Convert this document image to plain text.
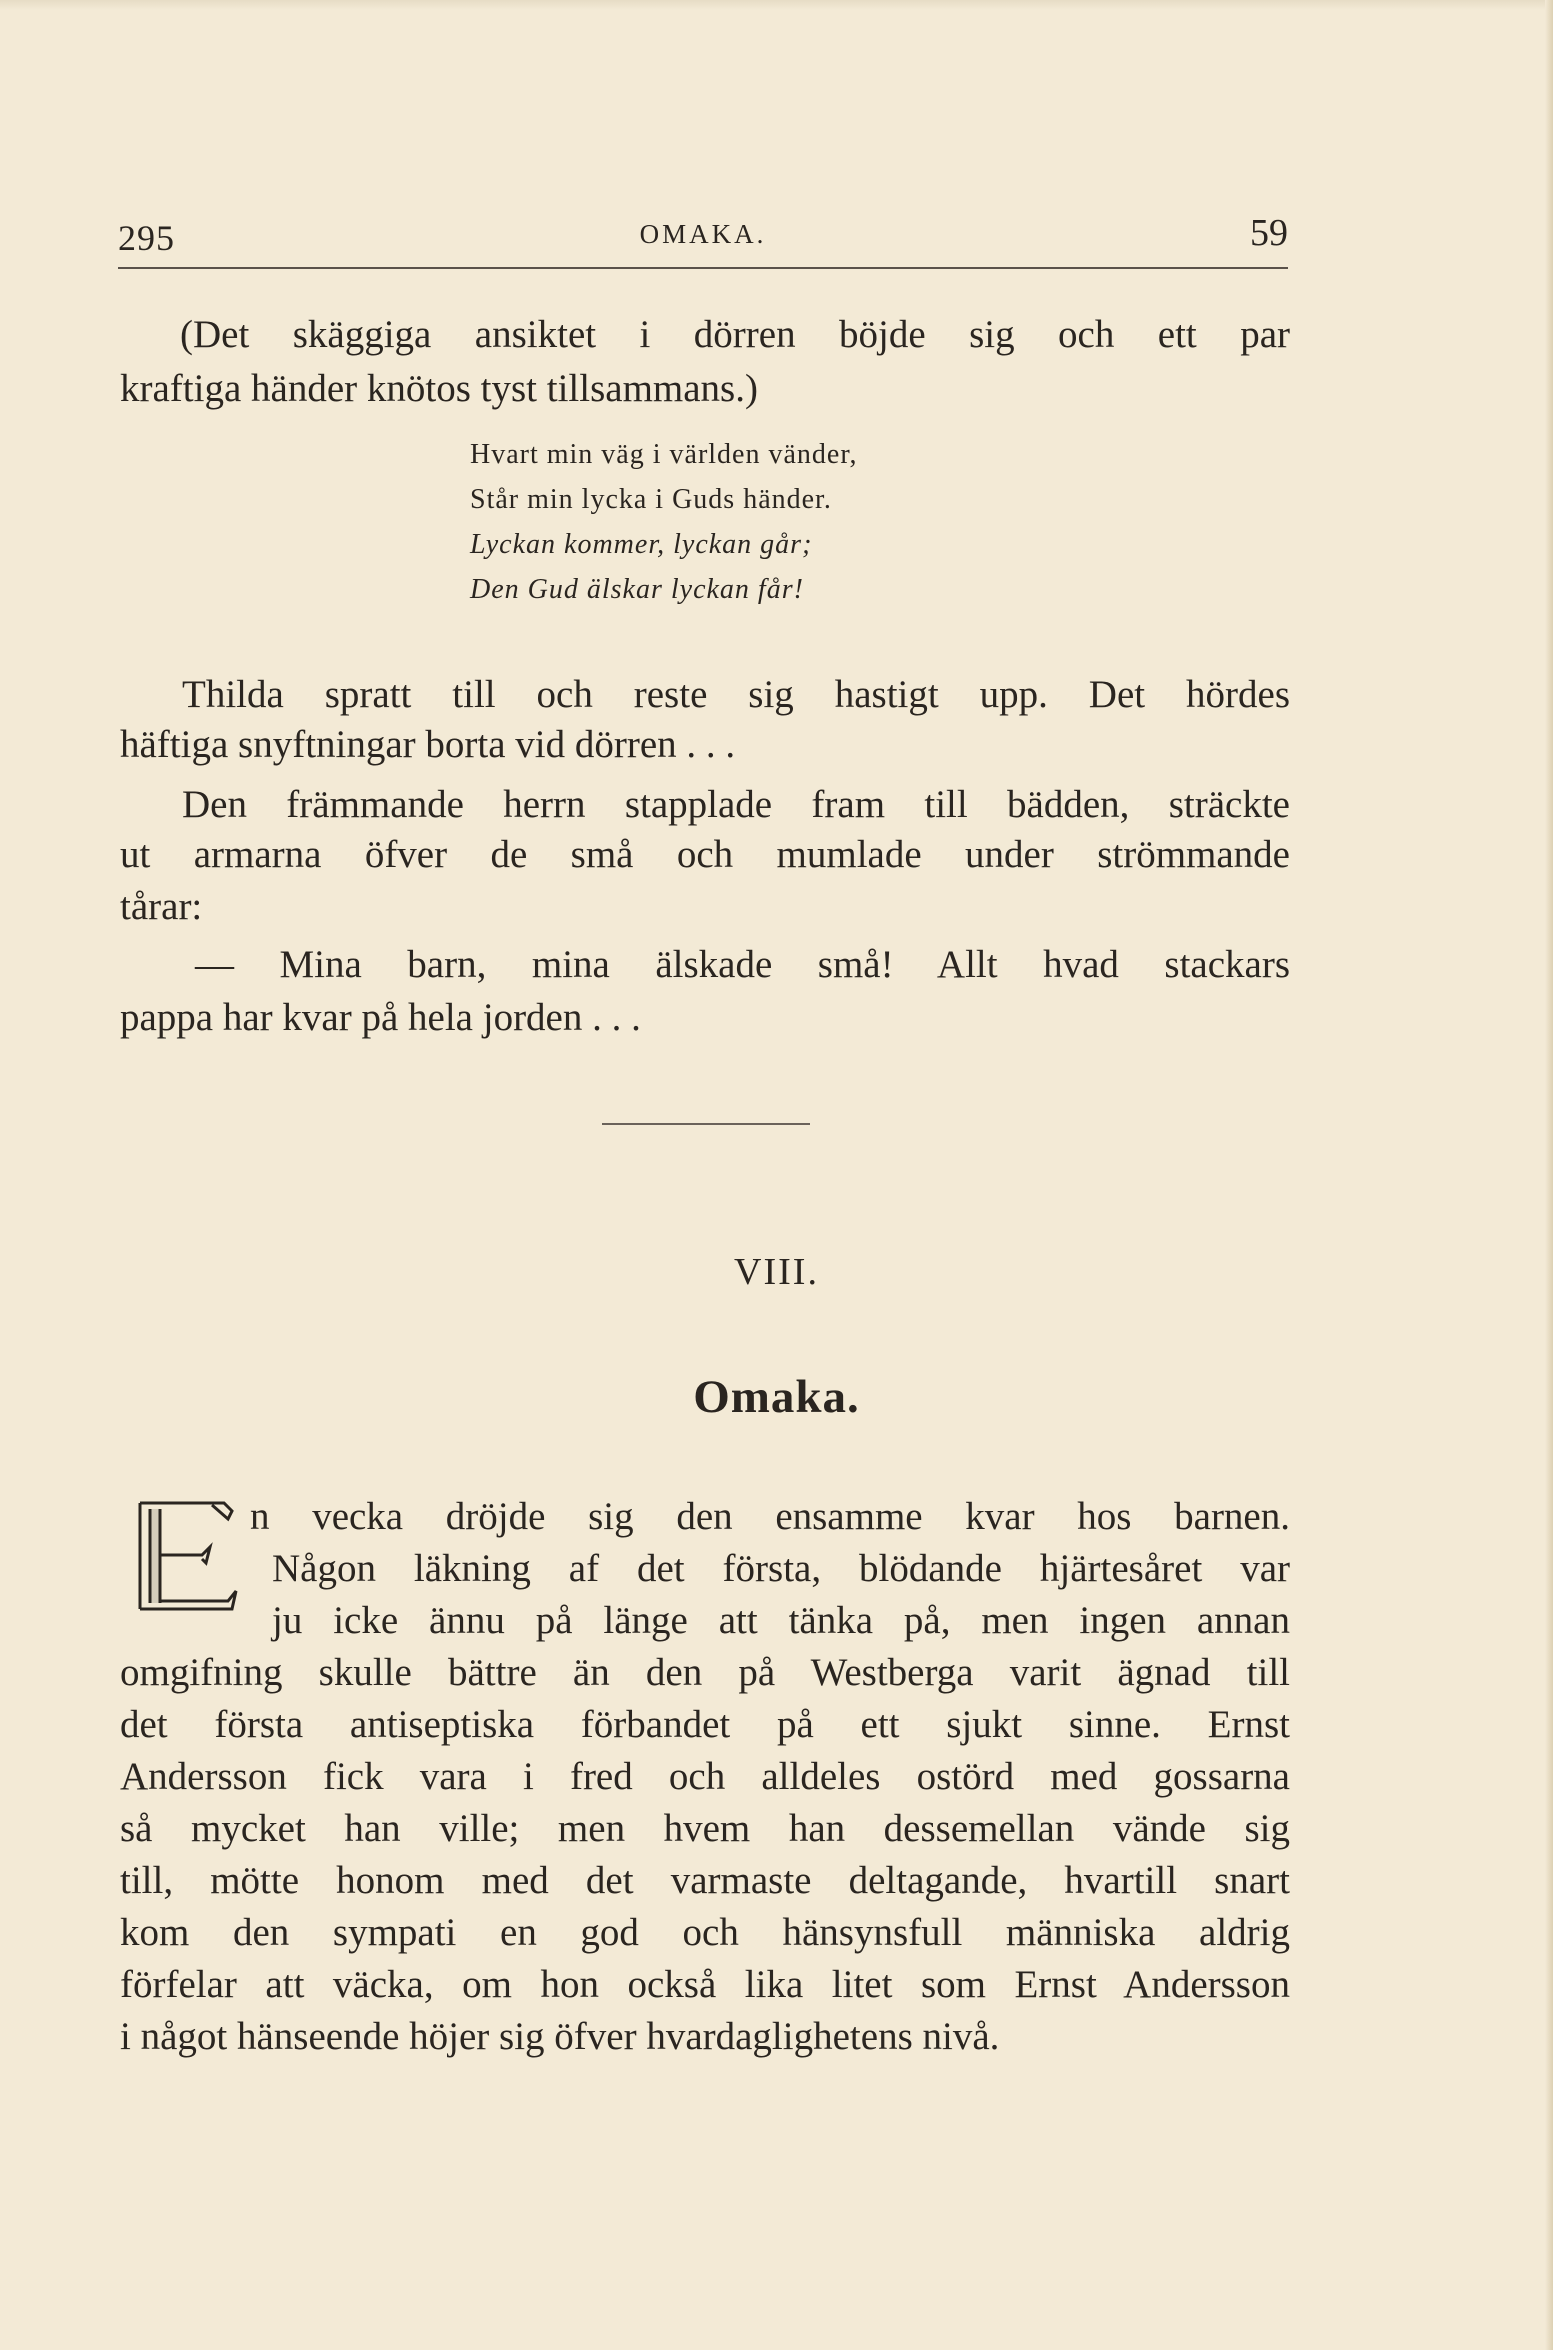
295	OMAKA.	59
(Det skäggiga ansiktet i dörren böjde sig och ett par
kraftiga händer knötos tyst tillsammans.)
Hvart min väg i världen vänder,
Står min lycka i Guds händer.
Lyckan kommer, lyckan går;
Den Gud älskar lyckan får!
Thilda spratt till och reste sig hastigt upp. Det hördes
häftiga snyftningar borta vid dörren . . .
Den främmande herrn stapplade fram till bädden, sträckte
ut armarna öfver de små och mumlade under strömmande
tårar:
— Mina barn, mina älskade små! Allt hvad stackars
pappa har kvar på hela jorden . . .
VIII.
Omaka.
E
n vecka dröjde sig den ensamme kvar hos barnen.
Någon läkning af det första, blödande hjärtesåret var
ju icke ännu på länge att tänka på, men ingen annan
omgifning skulle bättre än den på Westberga varit ägnad till
det första antiseptiska förbandet på ett sjukt sinne. Ernst
Andersson fick vara i fred och alldeles ostörd med gossarna
så mycket han ville; men hvem han dessemellan vände sig
till, mötte honom med det varmaste deltagande, hvartill snart
kom den sympati en god och hänsynsfull människa aldrig
förfelar att väcka, om hon också lika litet som Ernst Andersson
i något hänseende höjer sig öfver hvardaglighetens nivå.
